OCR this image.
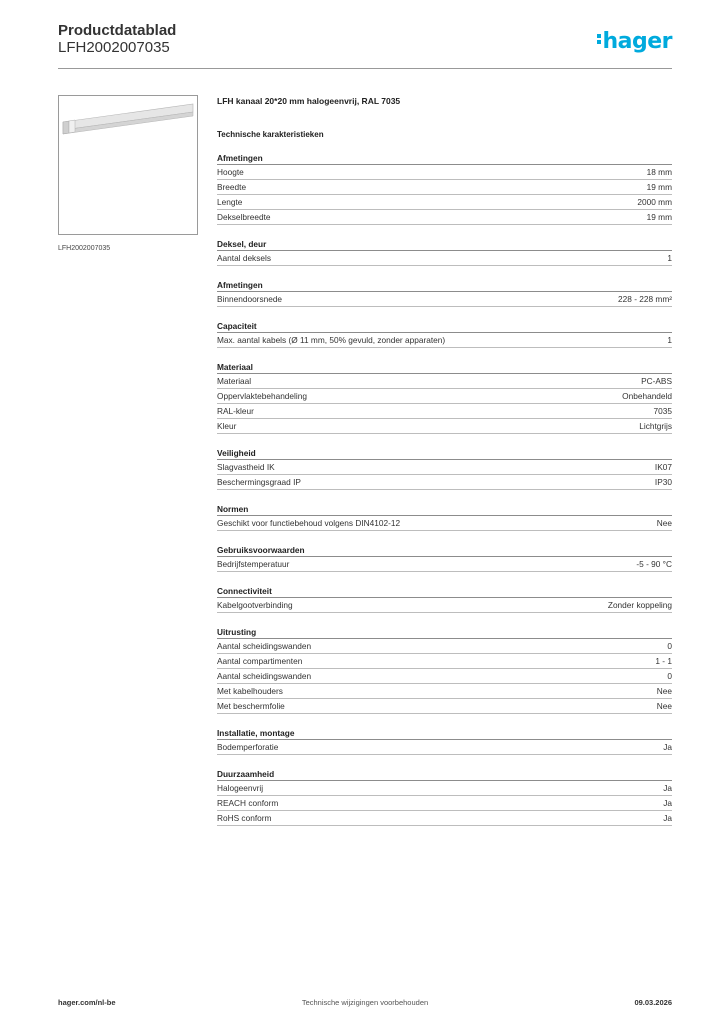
Productdatablad
LFH2002007035	hager
LFH2002007035
LFH kanaal 20*20 mm halogeenvrij, RAL 7035
Technische karakteristieken
Afmetingen
Hoogte	18 mm
Breedte	19 mm
Lengte	2000 mm
Dekselbreedte	19 mm
Deksel, deur
Aantal deksels	1
Afmetingen
Binnendoorsnede	228 - 228 mm²
Capaciteit
Max. aantal kabels (Ø 11 mm, 50% gevuld, zonder apparaten)	1
Materiaal
Materiaal	PC-ABS
Oppervlaktebehandeling	Onbehandeld
RAL-kleur	7035
Kleur	Lichtgrijs
Veiligheid
Slagvastheid IK	IK07
Beschermingsgraad IP	IP30
Normen
Geschikt voor functiebehoud volgens DIN4102-12	Nee
Gebruiksvoorwaarden
Bedrijfstemperatuur	-5 - 90 °C
Connectiviteit
Kabelgootverbinding	Zonder koppeling
Uitrusting
Aantal scheidingswanden	0
Aantal compartimenten	1 - 1
Aantal scheidingswanden	0
Met kabelhouders	Nee
Met beschermfolie	Nee
Installatie, montage
Bodemperforatie	Ja
Duurzaamheid
Halogeenvrij	Ja
REACH conform	Ja
RoHS conform	Ja
hager.com/nl-be	Technische wijzigingen voorbehouden	09.03.2026
